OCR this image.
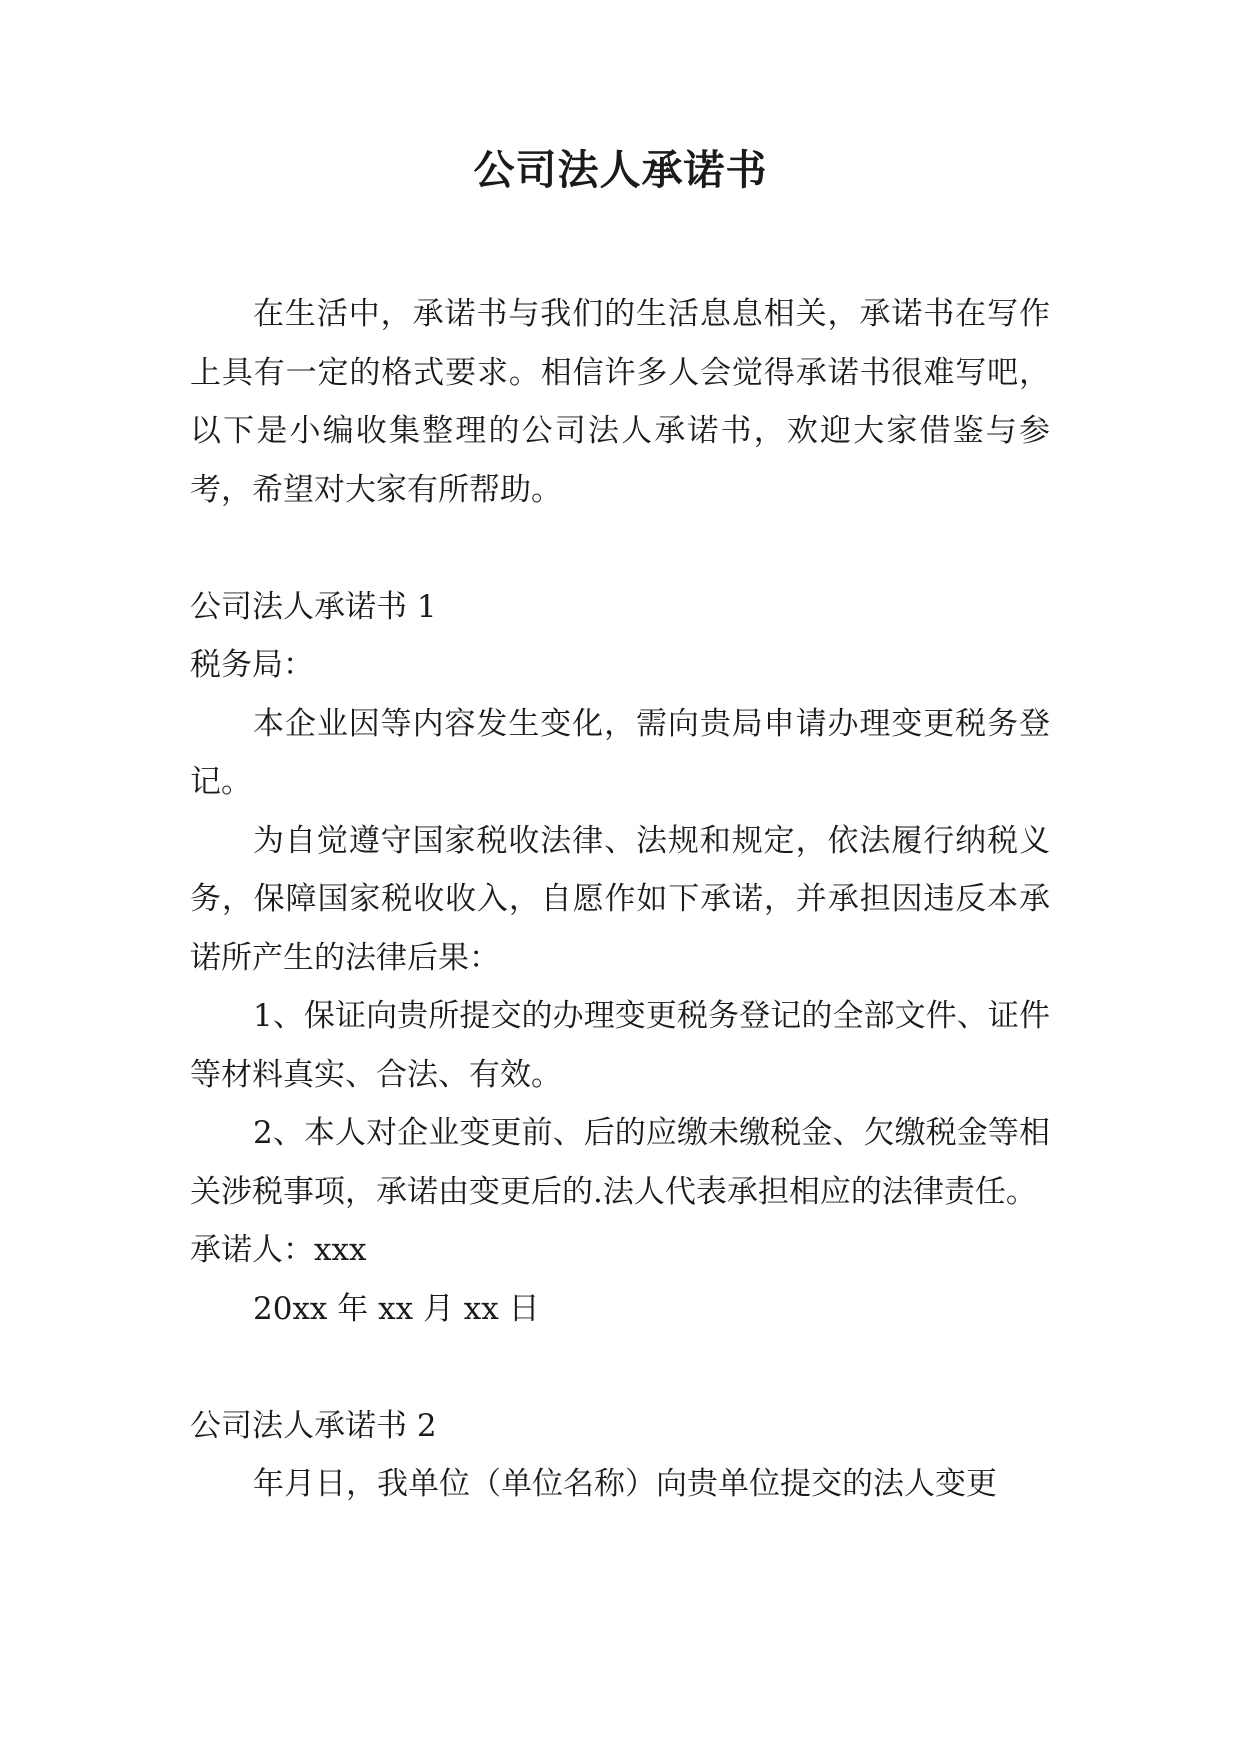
公司法人承诺书

在生活中，承诺书与我们的生活息息相关，承诺书在写作上具有一定的格式要求。相信许多人会觉得承诺书很难写吧，以下是小编收集整理的公司法人承诺书，欢迎大家借鉴与参考，希望对大家有所帮助。

公司法人承诺书 1

税务局：

本企业因等内容发生变化，需向贵局申请办理变更税务登记。

为自觉遵守国家税收法律、法规和规定，依法履行纳税义务，保障国家税收收入，自愿作如下承诺，并承担因违反本承诺所产生的法律后果：

1、保证向贵所提交的办理变更税务登记的全部文件、证件等材料真实、合法、有效。

2、本人对企业变更前、后的应缴未缴税金、欠缴税金等相关涉税事项，承诺由变更后的.法人代表承担相应的法律责任。

承诺人：xxx

20xx 年 xx 月 xx 日

公司法人承诺书 2

年月日，我单位（单位名称）向贵单位提交的法人变更
